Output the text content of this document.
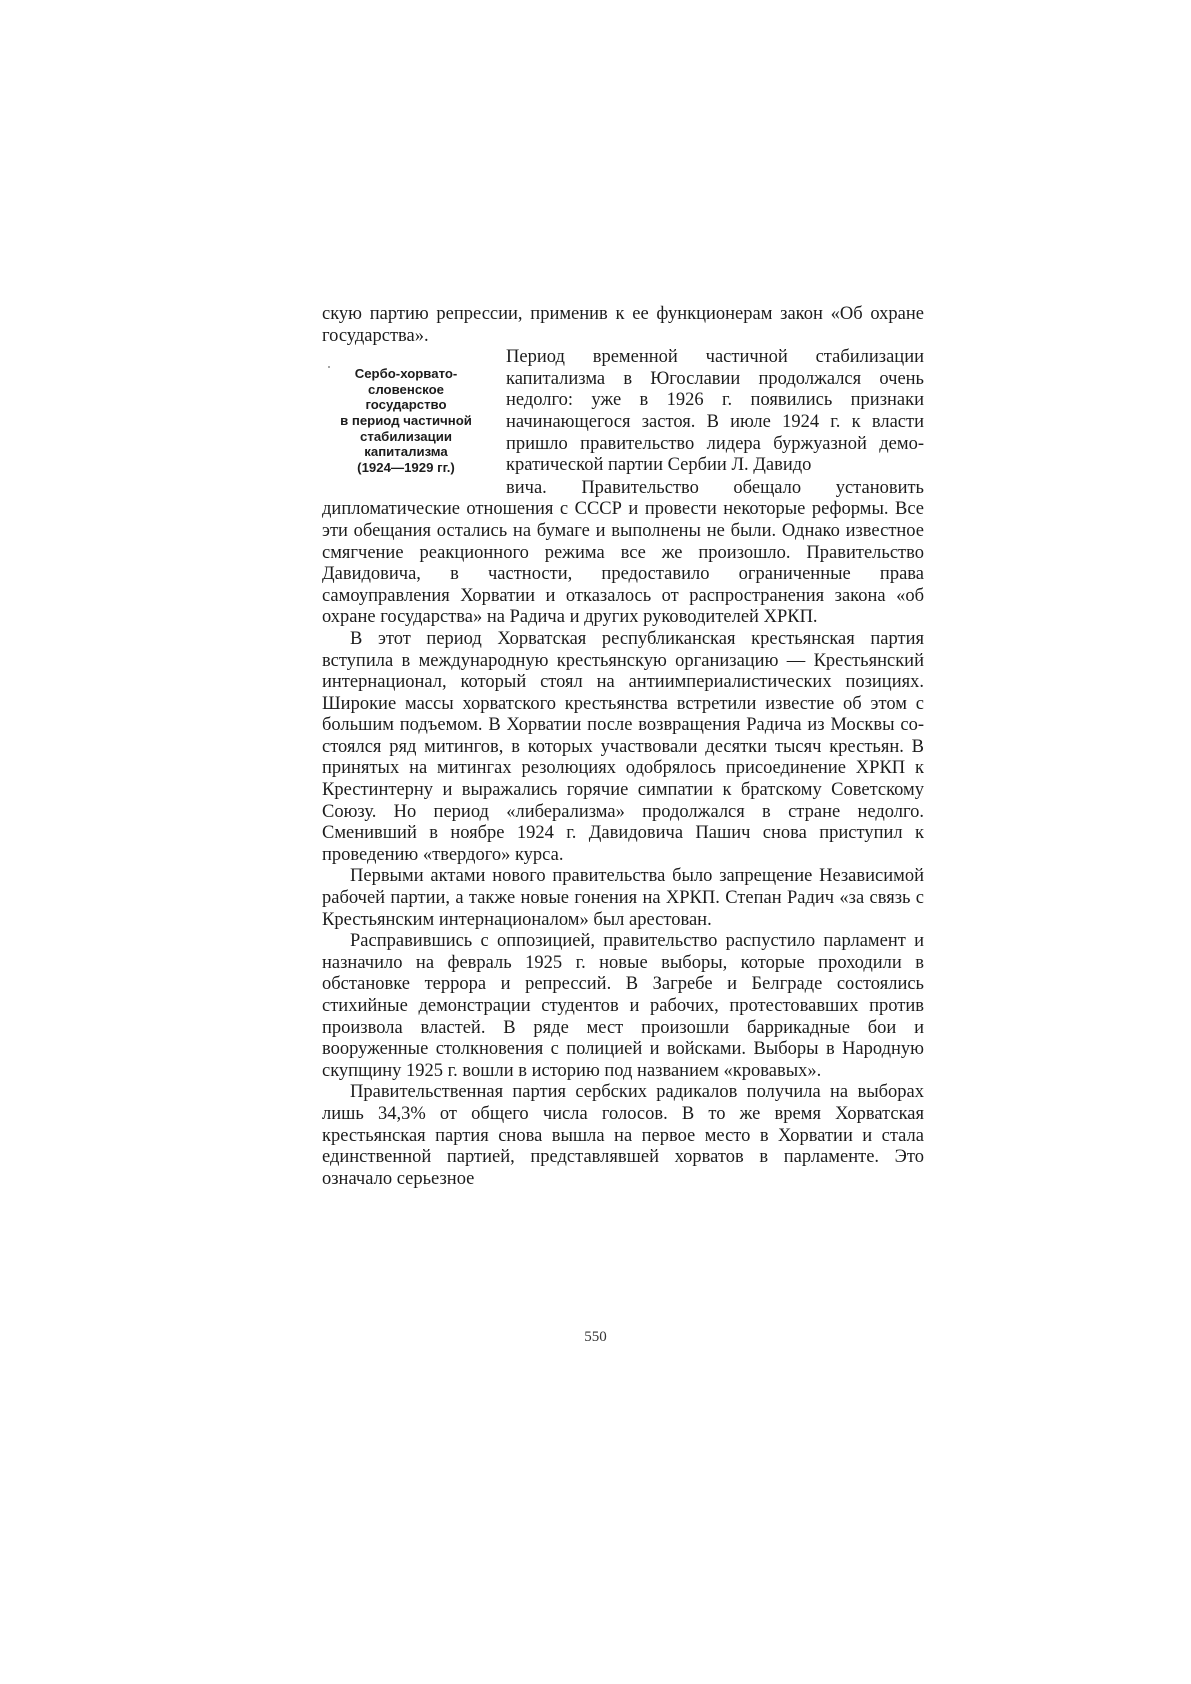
скую партию репрессии, применив к ее функционерам закон «Об охране государства».

Сербо-хорвато-
словенское
государство
в период частичной
стабилизации
капитализма
(1924—1929 гг.)

Период временной частичной стабилизации капитализма в Югославии продолжался очень недолго: уже в 1926 г. появились признаки начинающегося застоя. В июле 1924 г. к власти пришло правительство лидера буржуазной демократической партии Сербии Л. Давидо

вича. Правительство обещало установить дипломатические отношения с СССР и провести некоторые реформы. Все эти обещания остались на бумаге и выполнены не были. Однако известное смягчение реакционного режима все же произошло. Правительство Давидовича, в частности, предоставило ограниченные права самоуправления Хорватии и отказалось от распространения закона «об охране государства» на Радича и других руководителей ХРКП.

В этот период Хорватская республиканская крестьянская партия вступила в международную крестьянскую организацию — Крестьянский интернационал, который стоял на антиимпериалистических позициях. Широкие массы хорватского крестьянства встретили известие об этом с большим подъемом. В Хорватии после возвращения Радича из Москвы состоялся ряд митингов, в которых участвовали десятки тысяч крестьян. В принятых на митингах резолюциях одобрялось присоединение ХРКП к Крестинтерну и выражались горячие симпатии к братскому Советскому Союзу. Но период «либерализма» продолжался в стране недолго. Сменивший в ноябре 1924 г. Давидовича Пашич снова приступил к проведению «твердого» курса.

Первыми актами нового правительства было запрещение Независимой рабочей партии, а также новые гонения на ХРКП. Степан Радич «за связь с Крестьянским интернационалом» был арестован.

Расправившись с оппозицией, правительство распустило парламент и назначило на февраль 1925 г. новые выборы, которые проходили в обстановке террора и репрессий. В Загребе и Белграде состоялись стихийные демонстрации студентов и рабочих, протестовавших против произвола властей. В ряде мест произошли баррикадные бои и вооруженные столкновения с полицией и войсками. Выборы в Народную скупщину 1925 г. вошли в историю под названием «кровавых».

Правительственная партия сербских радикалов получила на выборах лишь 34,3% от общего числа голосов. В то же время Хорватская крестьянская партия снова вышла на первое место в Хорватии и стала единственной партией, представлявшей хорватов в парламенте. Это означало серьезное

550
